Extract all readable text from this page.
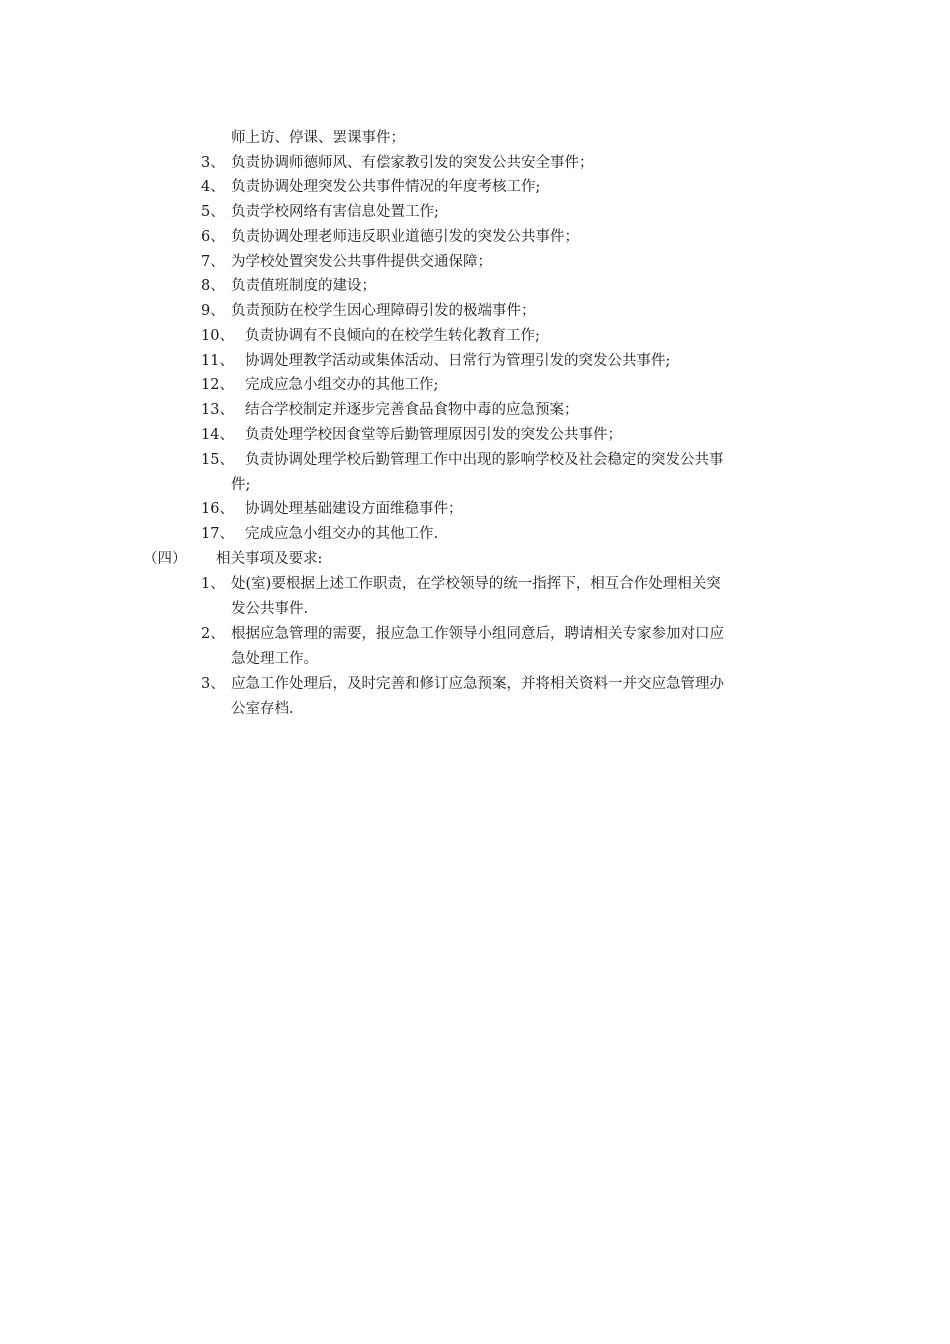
师上访、停课、罢课事件；
3、 负责协调师德师风、有偿家教引发的突发公共安全事件；
4、 负责协调处理突发公共事件情况的年度考核工作;
5、 负责学校网络有害信息处置工作;
6、 负责协调处理老师违反职业道德引发的突发公共事件；
7、 为学校处置突发公共事件提供交通保障；
8、 负责值班制度的建设；
9、 负责预防在校学生因心理障碍引发的极端事件；
10、 负责协调有不良倾向的在校学生转化教育工作;
11、 协调处理教学活动或集体活动、日常行为管理引发的突发公共事件;
12、 完成应急小组交办的其他工作;
13、 结合学校制定并逐步完善食品食物中毒的应急预案；
14、 负责处理学校因食堂等后勤管理原因引发的突发公共事件；
15、 负责协调处理学校后勤管理工作中出现的影响学校及社会稳定的突发公共事
件;
16、 协调处理基础建设方面维稳事件；
17、 完成应急小组交办的其他工作.
（四） 相关事项及要求:
1、 处(室)要根据上述工作职责，在学校领导的统一指挥下，相互合作处理相关突
发公共事件.
2、 根据应急管理的需要，报应急工作领导小组同意后，聘请相关专家参加对口应
急处理工作。
3、 应急工作处理后，及时完善和修订应急预案，并将相关资料一并交应急管理办
公室存档.
